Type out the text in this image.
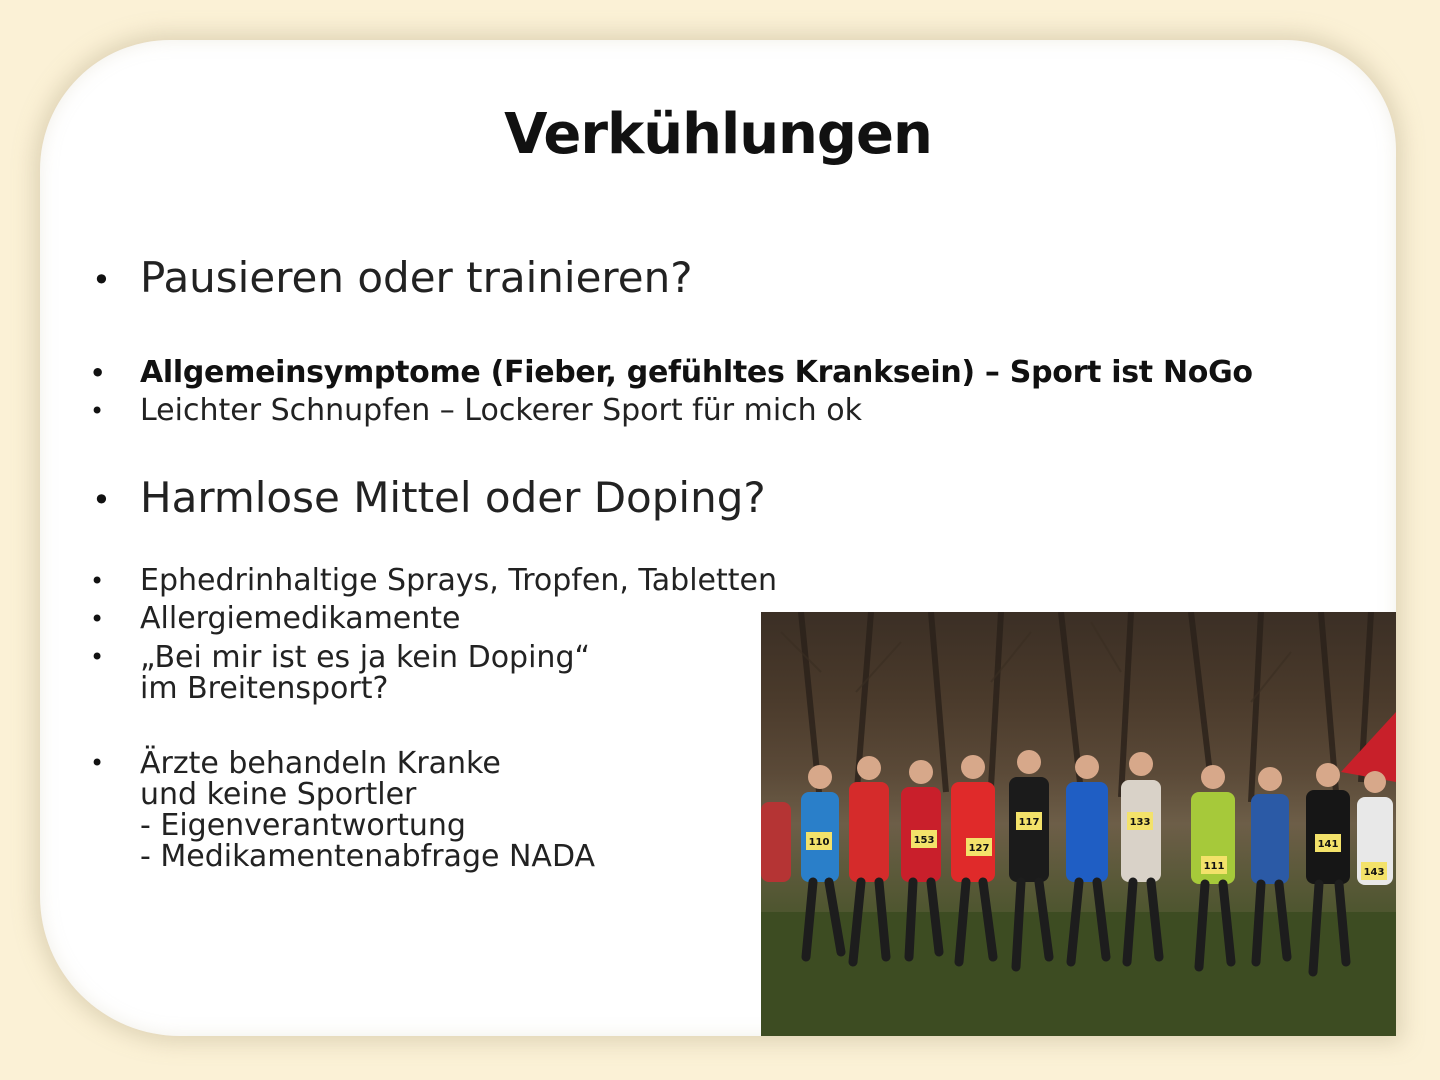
Verkühlungen
• Pausieren oder trainieren?
• Allgemeinsymptome (Fieber, gefühltes Kranksein) – Sport ist NoGo
• Leichter Schnupfen – Lockerer Sport für mich ok
• Harmlose Mittel oder Doping?
• Ephedrinhaltige Sprays, Tropfen, Tabletten
• Allergiemedikamente
• „Bei mir ist es ja kein Doping“
im Breitensport?
• Ärzte behandeln Kranke
und keine Sportler
- Eigenverantwortung
- Medikamentenabfrage NADA	110	153
127
117	133
111
141
143
